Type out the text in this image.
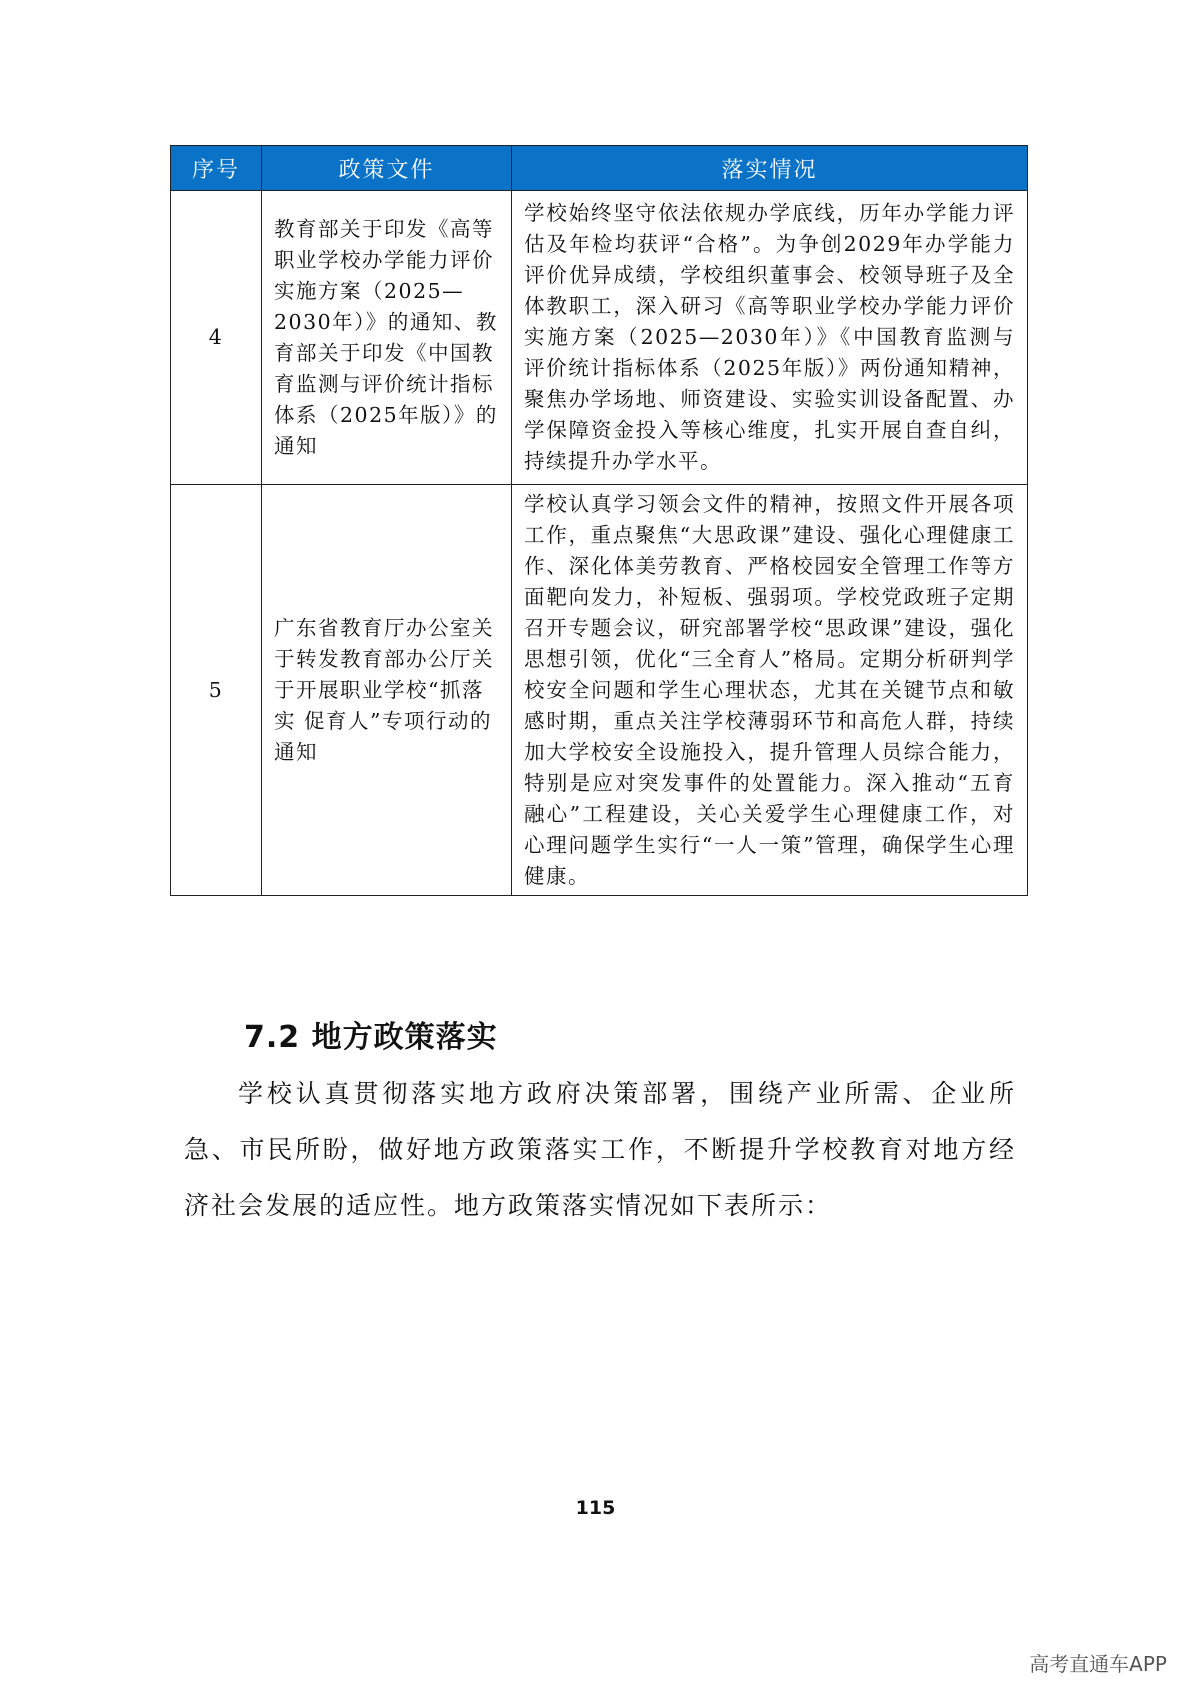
序号	政策文件	落实情况
4	教育部关于印发《高等职业学校办学能力评价实施方案（2025—2030年）》的通知、教育部关于印发《中国教育监测与评价统计指标体系（2025年版）》的通知	学校始终坚守依法依规办学底线，历年办学能力评估及年检均获评“合格”。为争创2029年办学能力评价优异成绩，学校组织董事会、校领导班子及全体教职工，深入研习《高等职业学校办学能力评价实施方案（2025—2030年）》《中国教育监测与评价统计指标体系（2025年版）》两份通知精神，聚焦办学场地、师资建设、实验实训设备配置、办学保障资金投入等核心维度，扎实开展自查自纠，持续提升办学水平。
5	广东省教育厅办公室关于转发教育部办公厅关于开展职业学校“抓落实 促育人”专项行动的通知	学校认真学习领会文件的精神，按照文件开展各项工作，重点聚焦“大思政课”建设、强化心理健康工作、深化体美劳教育、严格校园安全管理工作等方面靶向发力，补短板、强弱项。学校党政班子定期召开专题会议，研究部署学校“思政课”建设，强化思想引领，优化“三全育人”格局。定期分析研判学校安全问题和学生心理状态，尤其在关键节点和敏感时期，重点关注学校薄弱环节和高危人群，持续加大学校安全设施投入，提升管理人员综合能力，特别是应对突发事件的处置能力。深入推动“五育融心”工程建设，关心关爱学生心理健康工作，对心理问题学生实行“一人一策”管理，确保学生心理健康。
7.2 地方政策落实

学校认真贯彻落实地方政府决策部署，围绕产业所需、企业所急、市民所盼，做好地方政策落实工作，不断提升学校教育对地方经济社会发展的适应性。地方政策落实情况如下表所示：

115
高考直通车APP
